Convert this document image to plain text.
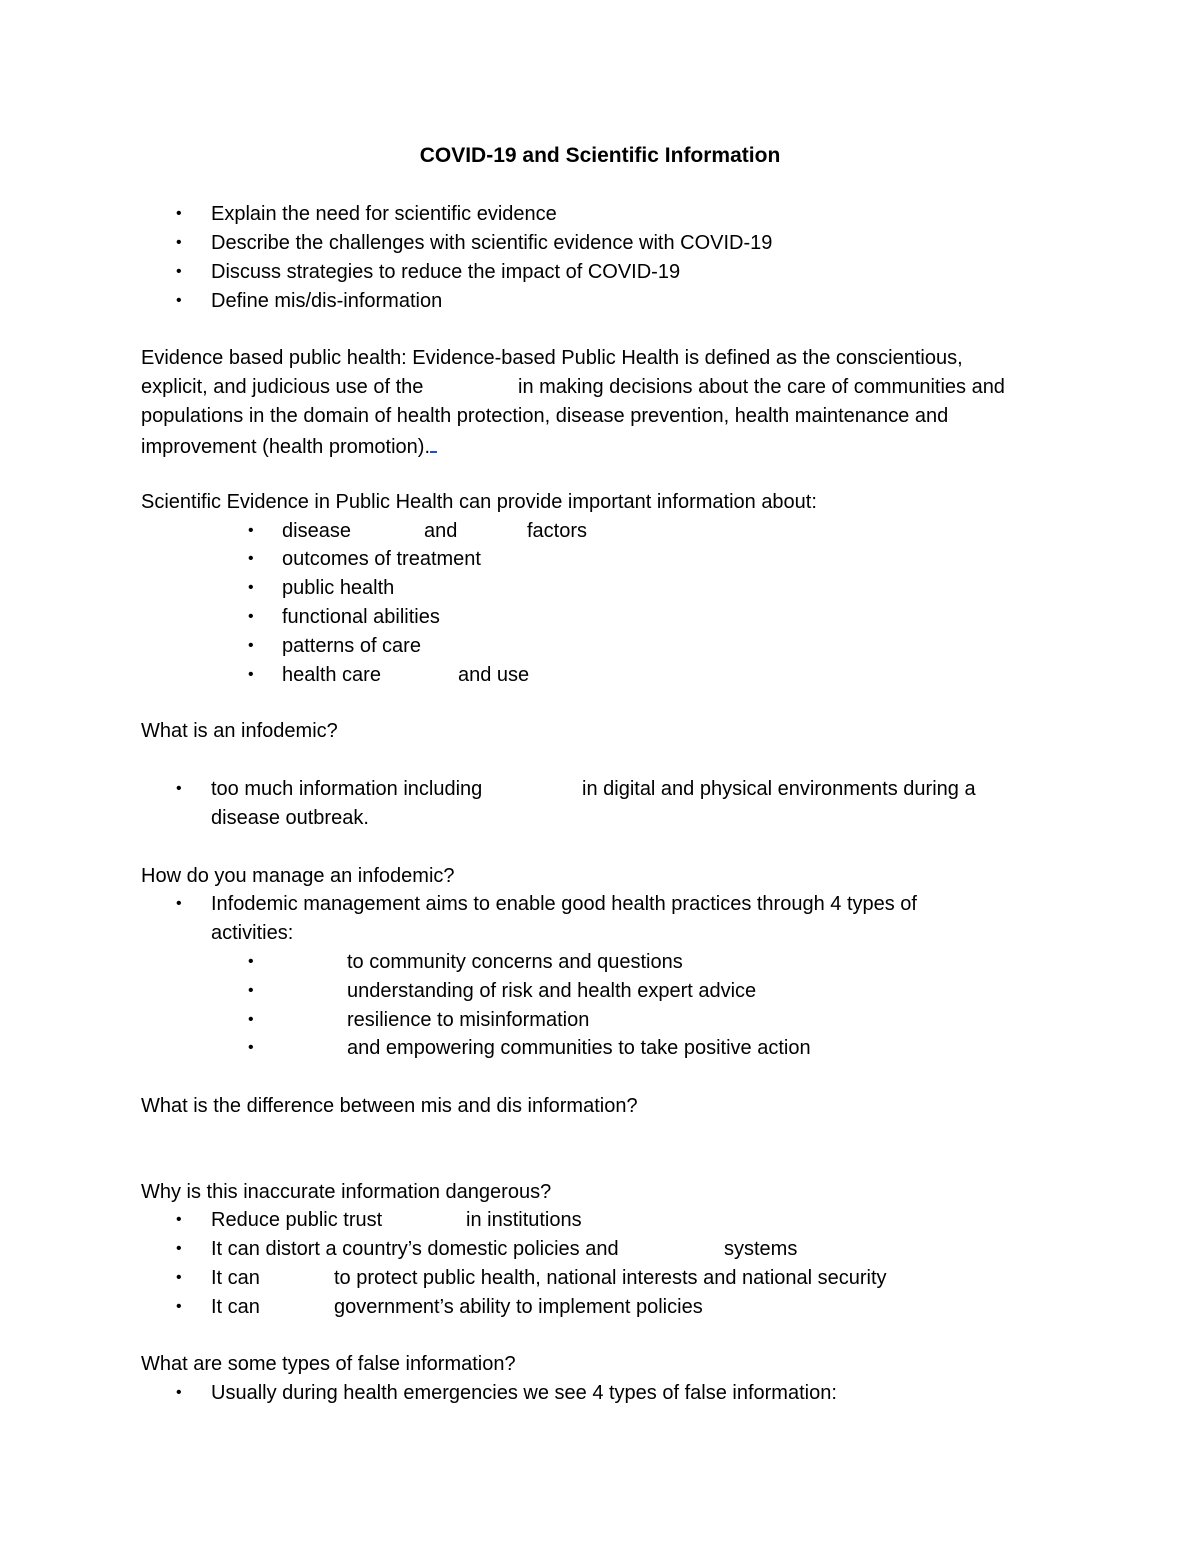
COVID-19 and Scientific Information
• Explain the need for scientific evidence
• Describe the challenges with scientific evidence with COVID-19
• Discuss strategies to reduce the impact of COVID-19
• Define mis/dis-information
Evidence based public health: Evidence-based Public Health is defined as the conscientious,
explicit, and judicious use of the	in making decisions about the care of communities and
populations in the domain of health protection, disease prevention, health maintenance and
improvement (health promotion).
Scientific Evidence in Public Health can provide important information about:
• disease	and	factors
• outcomes of treatment
• public health
• functional abilities
• patterns of care
• health care	and use
What is an infodemic?
• too much information including	in digital and physical environments during a
disease outbreak.
How do you manage an infodemic?
• Infodemic management aims to enable good health practices through 4 types of
activities:
•	to community concerns and questions
•	understanding of risk and health expert advice
•	resilience to misinformation
•	and empowering communities to take positive action
What is the difference between mis and dis information?
Why is this inaccurate information dangerous?
• Reduce public trust	in institutions
• It can distort a country’s domestic policies and	systems
• It can	to protect public health, national interests and national security
• It can	government’s ability to implement policies
What are some types of false information?
• Usually during health emergencies we see 4 types of false information:
